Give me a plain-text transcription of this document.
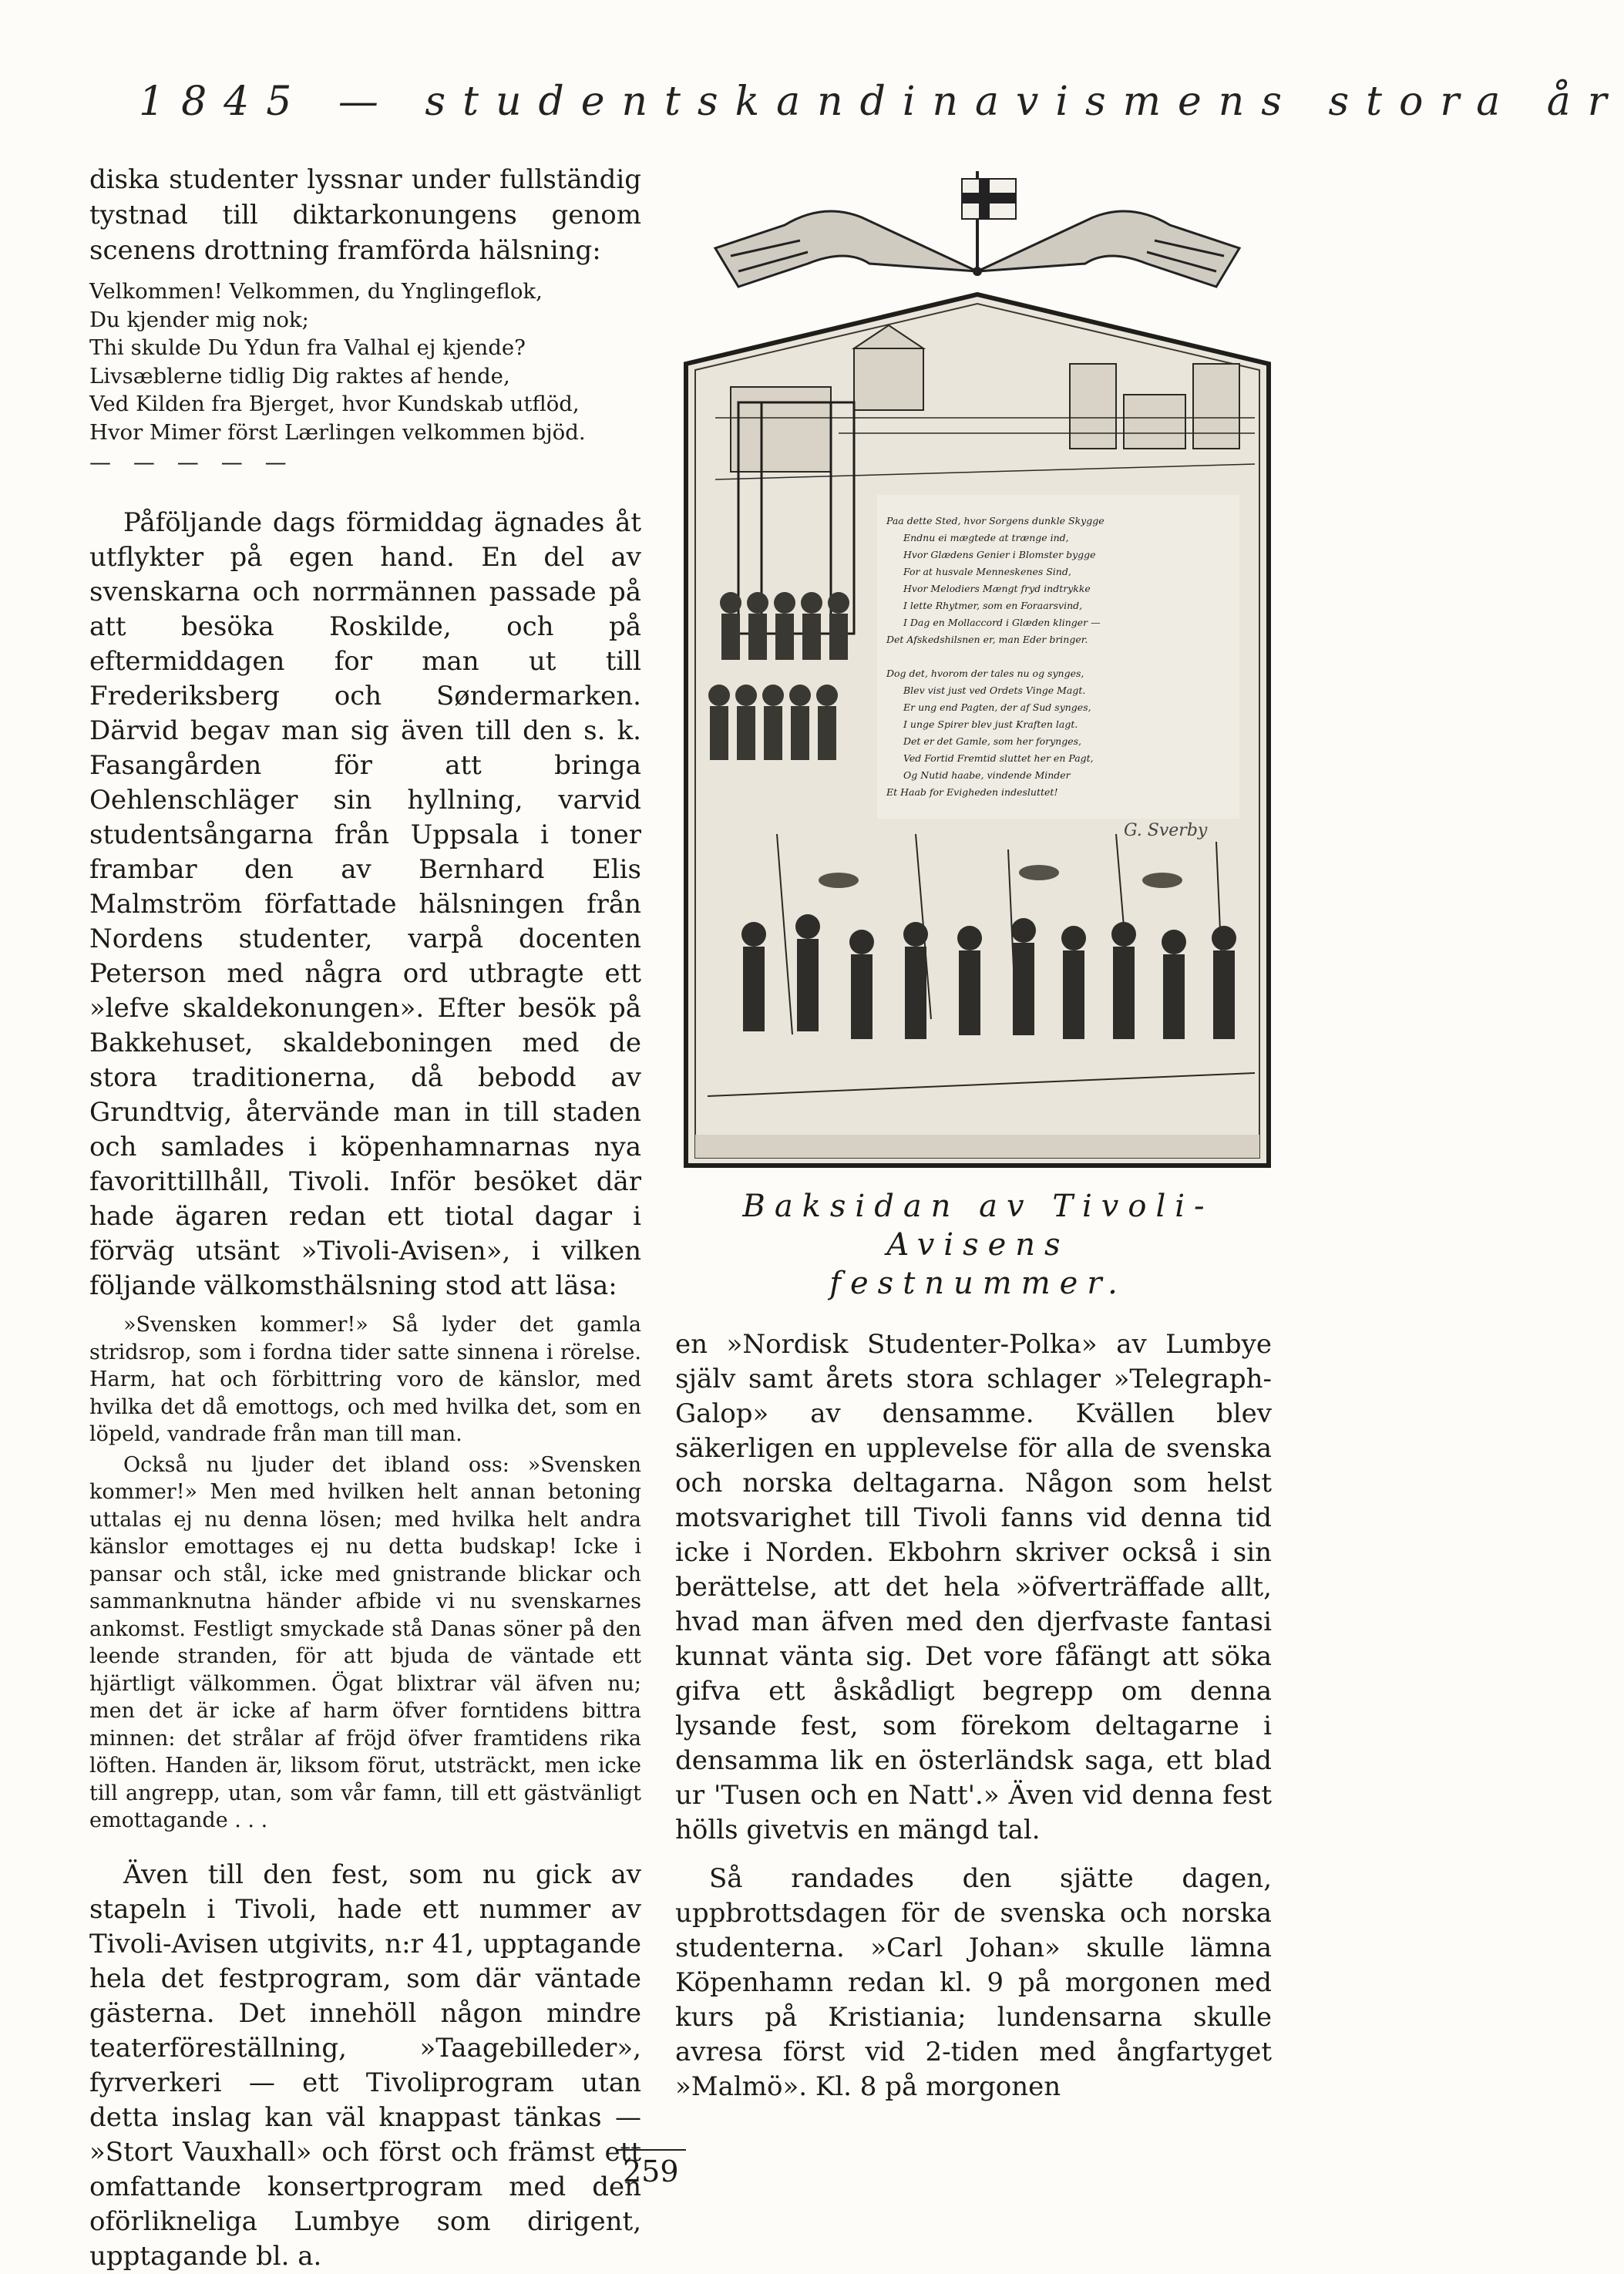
1845 — studentskandinavismens stora år

diska studenter lyssnar under fullständig tystnad till diktarkonungens genom scenens drottning framförda hälsning:

Velkommen! Velkommen, du Ynglingeflok,

Du kjender mig nok;

Thi skulde Du Ydun fra Valhal ej kjende?

Livsæblerne tidlig Dig raktes af hende,

Ved Kilden fra Bjerget, hvor Kundskab utflöd,

Hvor Mimer först Lærlingen velkommen bjöd.

— — — — —

Påföljande dags förmiddag ägnades åt utflykter på egen hand. En del av svenskarna och norrmännen passade på att besöka Roskilde, och på eftermiddagen for man ut till Frederiksberg och Søndermarken. Därvid begav man sig även till den s. k. Fasangården för att bringa Oehlenschläger sin hyllning, varvid studentsångarna från Uppsala i toner frambar den av Bernhard Elis Malmström författade hälsningen från Nordens studenter, varpå docenten Peterson med några ord utbragte ett »lefve skaldekonungen». Efter besök på Bakkehuset, skaldeboningen med de stora traditionerna, då bebodd av Grundtvig, återvände man in till staden och samlades i köpenhamnarnas nya favorittillhåll, Tivoli. Inför besöket där hade ägaren redan ett tiotal dagar i förväg utsänt »Tivoli-Avisen», i vilken följande välkomsthälsning stod att läsa:

»Svensken kommer!» Så lyder det gamla stridsrop, som i fordna tider satte sinnena i rörelse. Harm, hat och förbittring voro de känslor, med hvilka det då emottogs, och med hvilka det, som en löpeld, vandrade från man till man.

Också nu ljuder det ibland oss: »Svensken kommer!» Men med hvilken helt annan betoning uttalas ej nu denna lösen; med hvilka helt andra känslor emottages ej nu detta budskap! Icke i pansar och stål, icke med gnistrande blickar och sammanknutna händer afbide vi nu svenskarnes ankomst. Festligt smyckade stå Danas söner på den leende stranden, för att bjuda de väntade ett hjärtligt välkommen. Ögat blixtrar väl äfven nu; men det är icke af harm öfver forntidens bittra minnen: det strålar af fröjd öfver framtidens rika löften. Handen är, liksom förut, utsträckt, men icke till angrepp, utan, som vår famn, till ett gästvänligt emottagande . . .

Även till den fest, som nu gick av stapeln i Tivoli, hade ett nummer av Tivoli-Avisen utgivits, n:r 41, upptagande hela det festprogram, som där väntade gästerna. Det innehöll någon mindre teaterföreställning, »Taagebilleder», fyrverkeri — ett Tivoliprogram utan detta inslag kan väl knappast tänkas — »Stort Vauxhall» och först och främst ett omfattande konsertprogram med den oförlikneliga Lumbye som dirigent, upptagande bl. a.

Paa dette Sted, hvor Sorgens dunkle Skygge
Endnu ei mægtede at trænge ind,
Hvor Glædens Genier i Blomster bygge
For at husvale Menneskenes Sind,
Hvor Melodiers Mængt fryd indtrykke
I lette Rhytmer, som en Foraarsvind,
I Dag en Mollaccord i Glæden klinger —
Det Afskedshilsnen er, man Eder bringer.
Dog det, hvorom der tales nu og synges,
Blev vist just ved Ordets Vinge Magt.
Er ung end Pagten, der af Sud synges,
I unge Spirer blev just Kraften lagt.
Det er det Gamle, som her forynges,
Ved Fortid Fremtid sluttet her en Pagt,
Og Nutid haabe, vindende Minder
Et Haab for Evigheden indesluttet!
G. Sverby
Baksidan av Tivoli-Avisens
festnummer.

en »Nordisk Studenter-Polka» av Lumbye själv samt årets stora schlager »Telegraph-Galop» av densamme. Kvällen blev säkerligen en upplevelse för alla de svenska och norska deltagarna. Någon som helst motsvarighet till Tivoli fanns vid denna tid icke i Norden. Ekbohrn skriver också i sin berättelse, att det hela »öfverträffade allt, hvad man äfven med den djerfvaste fantasi kunnat vänta sig. Det vore fåfängt att söka gifva ett åskådligt begrepp om denna lysande fest, som förekom deltagarne i densamma lik en österländsk saga, ett blad ur 'Tusen och en Natt'.» Även vid denna fest hölls givetvis en mängd tal.

Så randades den sjätte dagen, uppbrottsdagen för de svenska och norska studenterna. »Carl Johan» skulle lämna Köpenhamn redan kl. 9 på morgonen med kurs på Kristiania; lundensarna skulle avresa först vid 2-tiden med ångfartyget »Malmö». Kl. 8 på morgonen

259
